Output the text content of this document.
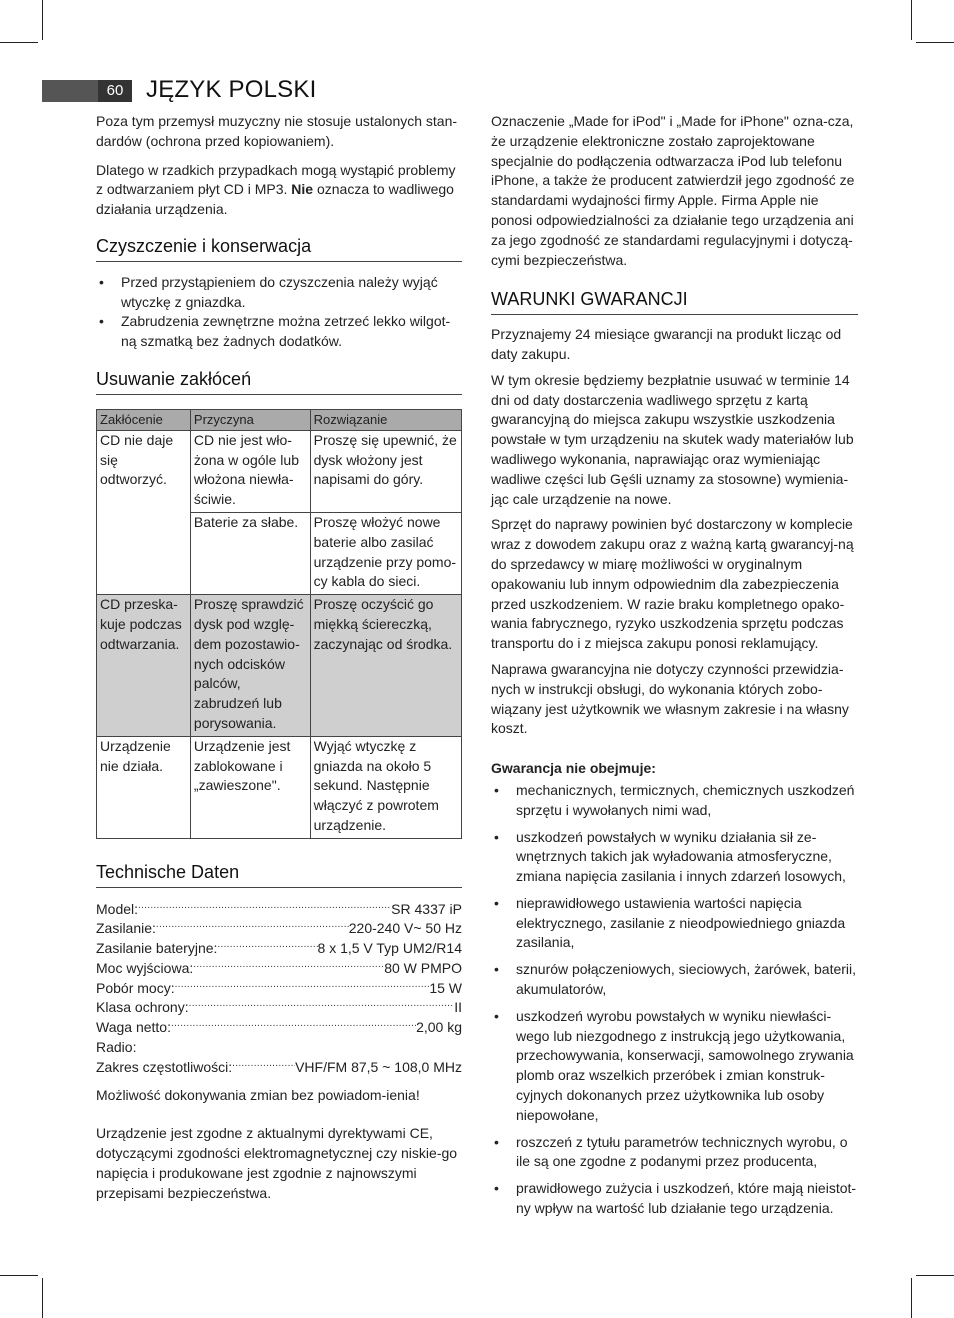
60 JĘZYK POLSKI

Poza tym przemysł muzyczny nie stosuje ustalonych stan-dardów (ochrona przed kopiowaniem).

Dlatego w rzadkich przypadkach mogą wystąpić problemy z odtwarzaniem płyt CD i MP3. Nie oznacza to wadliwego działania urządzenia.

Czyszczenie i konserwacja
• Przed przystąpieniem do czyszczenia należy wyjąć wtyczkę z gniazdka.
• Zabrudzenia zewnętrzne można zetrzeć lekko wilgot-ną szmatką bez żadnych dodatków.
Usuwanie zakłóceń
Zakłócenie	Przyczyna	Rozwiązanie
CD nie daje się odtworzyć.	CD nie jest wło-żona w ogóle lub włożona niewła-ściwie.	Proszę się upewnić, że dysk włożony jest napisami do góry.
	Baterie za słabe.	Proszę włożyć nowe baterie albo zasilać urządzenie przy pomo-cy kabla do sieci.
CD przeska-kuje podczas odtwarzania.	Proszę sprawdzić dysk pod wzglę-dem pozostawio-nych odcisków palców, zabrudzeń lub porysowania.	Proszę oczyścić go miękką ściereczką, zaczynając od środka.
Urządzenie nie działa.	Urządzenie jest zablokowane i „zawieszone".	Wyjąć wtyczkę z gniazda na około 5 sekund. Następnie włączyć z powrotem urządzenie.
Technische Daten
Model: .....	SR 4337 iP
Zasilanie: .....	220-240 V~ 50 Hz
Zasilanie bateryjne: .....	8 x 1,5 V Typ UM2/R14
Moc wyjściowa: .....	80 W PMPO
Pobór mocy: .....	15 W
Klasa ochrony: .....	II
Waga netto: .....	2,00 kg
Radio:
Zakres częstotliwości: .....	VHF/FM 87,5 ~ 108,0 MHz

Możliwość dokonywania zmian bez powiadom-ienia!

Urządzenie jest zgodne z aktualnymi dyrektywami CE, dotyczącymi zgodności elektromagnetycznej czy niskie-go napięcia i produkowane jest zgodnie z najnowszymi przepisami bezpieczeństwa.

Oznaczenie „Made for iPod" i „Made for iPhone" ozna-cza, że urządzenie elektroniczne zostało zaprojektowane specjalnie do podłączenia odtwarzacza iPod lub telefonu iPhone, a także że producent zatwierdził jego zgodność ze standardami wydajności firmy Apple. Firma Apple nie ponosi odpowiedzialności za działanie tego urządzenia ani za jego zgodność ze standardami regulacyjnymi i dotyczą-cymi bezpieczeństwa.

WARUNKI GWARANCJI

Przyznajemy 24 miesiące gwarancji na produkt licząc od daty zakupu.

W tym okresie będziemy bezpłatnie usuwać w terminie 14 dni od daty dostarczenia wadliwego sprzętu z kartą gwarancyjną do miejsca zakupu wszystkie uszkodzenia powstałe w tym urządzeniu na skutek wady materiałów lub wadliwego wykonania, naprawiając oraz wymieniając wadliwe części lub Gęśli uznamy za stosowne) wymienia-jąc cale urządzenie na nowe.

Sprzęt do naprawy powinien być dostarczony w komplecie wraz z dowodem zakupu oraz z ważną kartą gwarancyj-ną do sprzedawcy w miarę możliwości w oryginalnym opakowaniu lub innym odpowiednim dla zabezpieczenia przed uszkodzeniem. W razie braku kompletnego opako-wania fabrycznego, ryzyko uszkodzenia sprzętu podczas transportu do i z miejsca zakupu ponosi reklamujący.

Naprawa gwarancyjna nie dotyczy czynności przewidzia-nych w instrukcji obsługi, do wykonania których zobo-wiązany jest użytkownik we własnym zakresie i na własny koszt.

Gwarancja nie obejmuje:

• mechanicznych, termicznych, chemicznych uszkodzeń sprzętu i wywołanych nimi wad,
• uszkodzeń powstałych w wyniku działania sił ze-wnętrznych takich jak wyładowania atmosferyczne, zmiana napięcia zasilania i innych zdarzeń losowych,
• nieprawidłowego ustawienia wartości napięcia elektrycznego, zasilanie z nieodpowiedniego gniazda zasilania,
• sznurów połączeniowych, sieciowych, żarówek, baterii, akumulatorów,
• uszkodzeń wyrobu powstałych w wyniku niewłaści-wego lub niezgodnego z instrukcją jego użytkowania, przechowywania, konserwacji, samowolnego zrywania plomb oraz wszelkich przeróbek i zmian konstruk-cyjnych dokonanych przez użytkownika lub osoby niepowołane,
• roszczeń z tytułu parametrów technicznych wyrobu, o ile są one zgodne z podanymi przez producenta,
• prawidłowego zużycia i uszkodzeń, które mają nieistot-ny wpływ na wartość lub działanie tego urządzenia.
